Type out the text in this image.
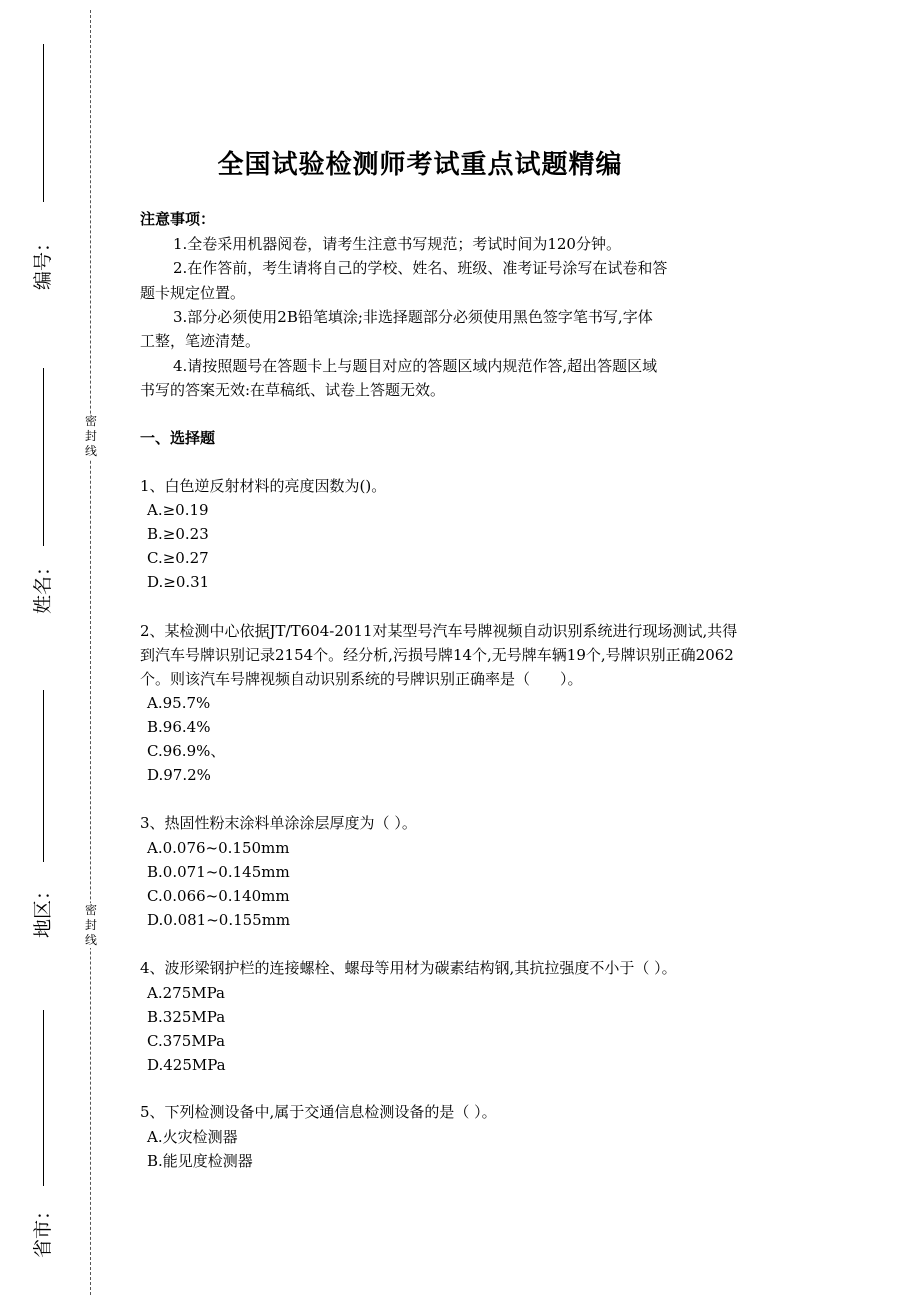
密封线
密封线
编号：
姓名：
地区：
省市：
全国试验检测师考试重点试题精编
注意事项：
1.全卷采用机器阅卷，请考生注意书写规范；考试时间为120分钟。
2.在作答前，考生请将自己的学校、姓名、班级、准考证号涂写在试卷和答
题卡规定位置。
3.部分必须使用2B铅笔填涂;非选择题部分必须使用黑色签字笔书写,字体
工整，笔迹清楚。
4.请按照题号在答题卡上与题目对应的答题区域内规范作答,超出答题区域
书写的答案无效:在草稿纸、试卷上答题无效。
一、选择题
1、白色逆反射材料的亮度因数为()。
A.≥0.19
B.≥0.23
C.≥0.27
D.≥0.31
2、某检测中心依据JT/T604-2011对某型号汽车号牌视频自动识别系统进行现场测试,共得
到汽车号牌识别记录2154个。经分析,污损号牌14个,无号牌车辆19个,号牌识别正确2062
个。则该汽车号牌视频自动识别系统的号牌识别正确率是（　　）。
A.95.7%
B.96.4%
C.96.9%、
D.97.2%
3、热固性粉末涂料单涂涂层厚度为（ ）。
A.0.076~0.150mm
B.0.071~0.145mm
C.0.066~0.140mm
D.0.081~0.155mm
4、波形梁钢护栏的连接螺栓、螺母等用材为碳素结构钢,其抗拉强度不小于（ ）。
A.275MPa
B.325MPa
C.375MPa
D.425MPa
5、下列检测设备中,属于交通信息检测设备的是（ ）。
A.火灾检测器
B.能见度检测器
